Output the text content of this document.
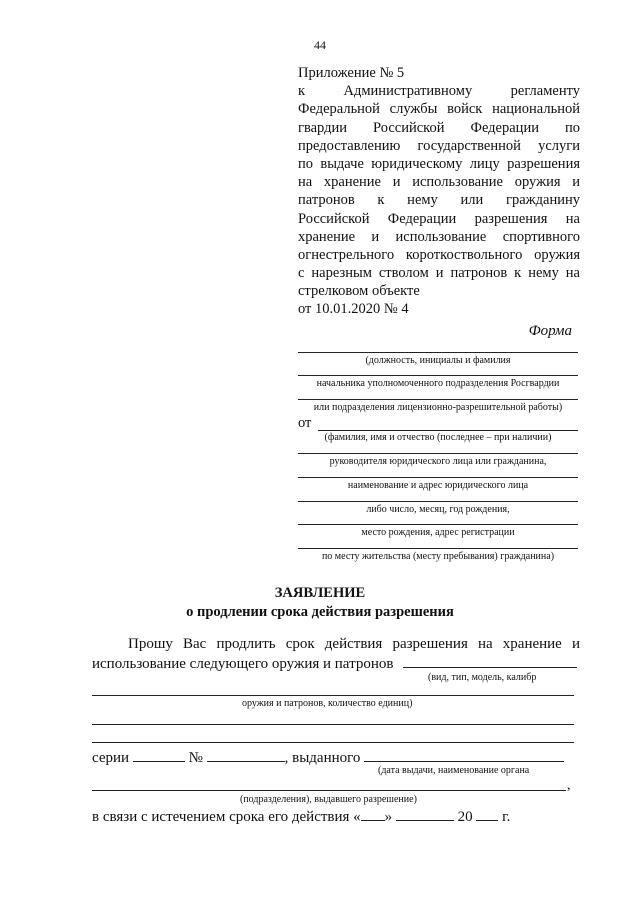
44
Приложение № 5
к Административному регламенту
Федеральной службы войск национальной
гвардии Российской Федерации по
предоставлению государственной услуги
по выдаче юридическому лицу разрешения
на хранение и использование оружия и
патронов к нему или гражданину
Российской Федерации разрешения на
хранение и использование спортивного
огнестрельного короткоствольного оружия
с нарезным стволом и патронов к нему на
стрелковом объекте
от 10.01.2020 № 4
Форма
(должность, инициалы и фамилия
начальника уполномоченного подразделения Росгвардии
или подразделения лицензионно-разрешительной работы)
от
(фамилия, имя и отчество (последнее – при наличии)
руководителя юридического лица или гражданина,
наименование и адрес юридического лица
либо число, месяц, год рождения,
место рождения, адрес регистрации
по месту жительства (месту пребывания) гражданина)
ЗАЯВЛЕНИЕ
о продлении срока действия разрешения
Прошу Вас продлить срок действия разрешения на хранение и
использование следующего оружия и патронов
(вид, тип, модель, калибр
оружия и патронов, количество единиц)
серии	№	, выданного
(дата выдачи, наименование органа
,
(подразделения), выдавшего разрешение)
в связи с истечением срока его действия « »	20 г.
